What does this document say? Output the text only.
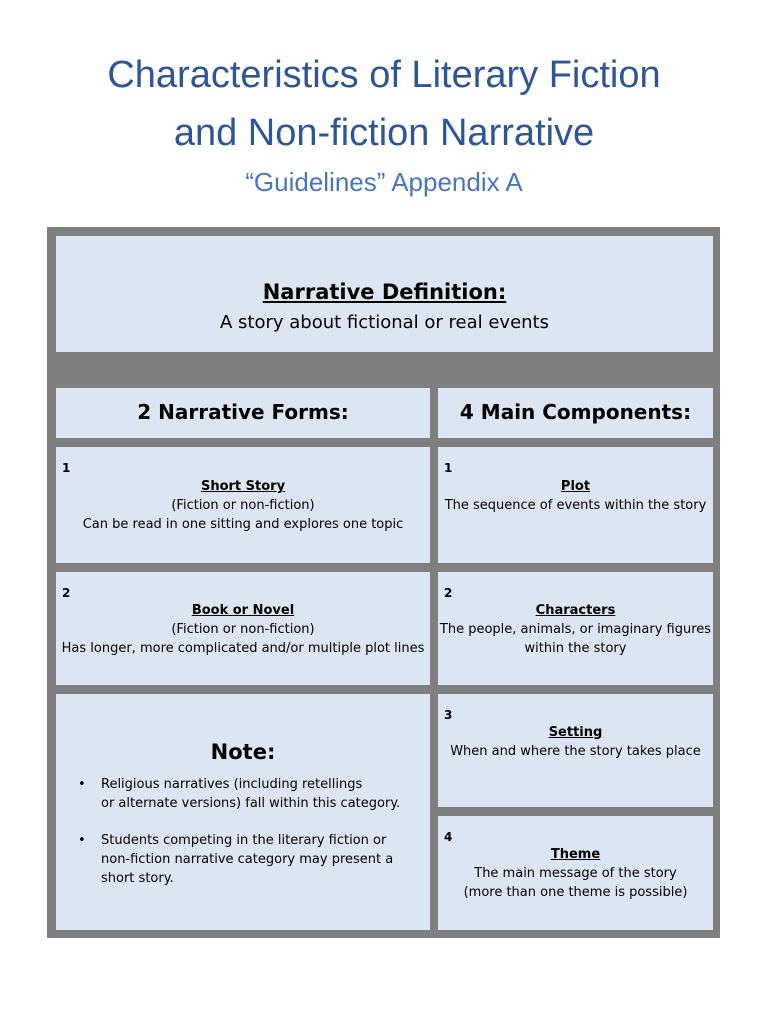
Characteristics of Literary Fiction
and Non-fiction Narrative
“Guidelines” Appendix A
Narrative Definition:
A story about fictional or real events
2 Narrative Forms:	4 Main Components:
1
Short Story
(Fiction or non-fiction)
Can be read in one sitting and explores one topic
1
Plot
The sequence of events within the story
2
Book or Novel
(Fiction or non-fiction)
Has longer, more complicated and/or multiple plot lines
2
Characters
The people, animals, or imaginary figures
within the story
Note:
• Religious narratives (including retellings
or alternate versions) fall within this category.
• Students competing in the literary fiction or
non-fiction narrative category may present a
short story.
3
Setting
When and where the story takes place
4
Theme
The main message of the story
(more than one theme is possible)
